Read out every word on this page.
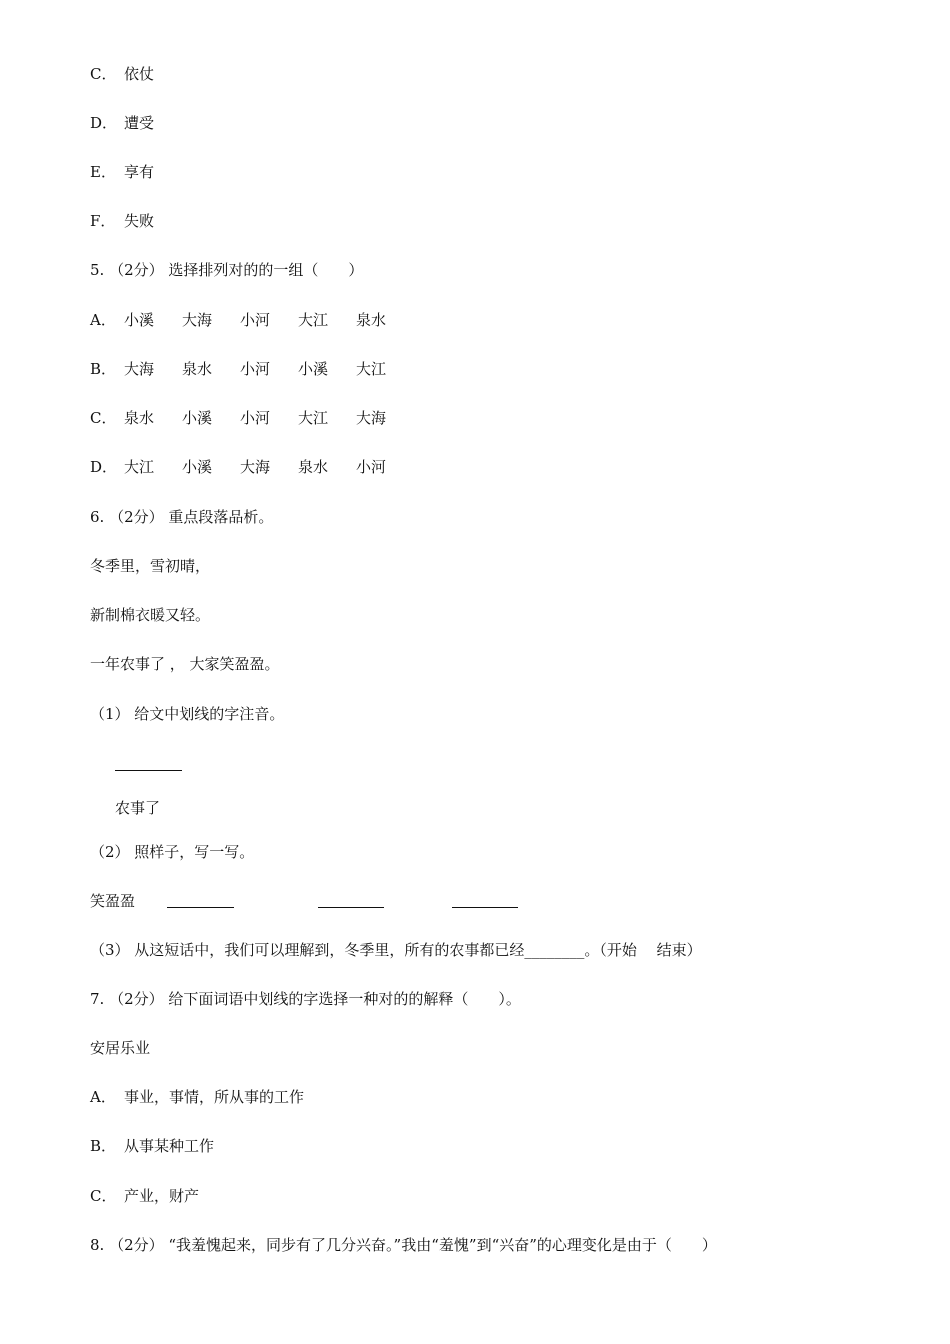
C． 依仗
D． 遭受
E． 享有
F． 失败
5. （2分） 选择排列对的的一组（　　）
A． 小溪 大海 小河 大江 泉水
B． 大海 泉水 小河 小溪 大江
C． 泉水 小溪 小河 大江 大海
D． 大江 小溪 大海 泉水 小河
6. （2分） 重点段落品析。
冬季里，雪初晴，
新制棉衣暖又轻。
一年农事了 ， 大家笑盈盈。
（1） 给文中划线的字注音。
农事了
（2） 照样子，写一写。
笑盈盈
（3） 从这短话中，我们可以理解到，冬季里，所有的农事都已经________。（开始　 结束）
7. （2分） 给下面词语中划线的字选择一种对的的解释（　　）。
安居乐业
A． 事业，事情，所从事的工作
B． 从事某种工作
C． 产业，财产
8. （2分） “我羞愧起来，同步有了几分兴奋。”我由“羞愧”到“兴奋”的心理变化是由于（　　）
